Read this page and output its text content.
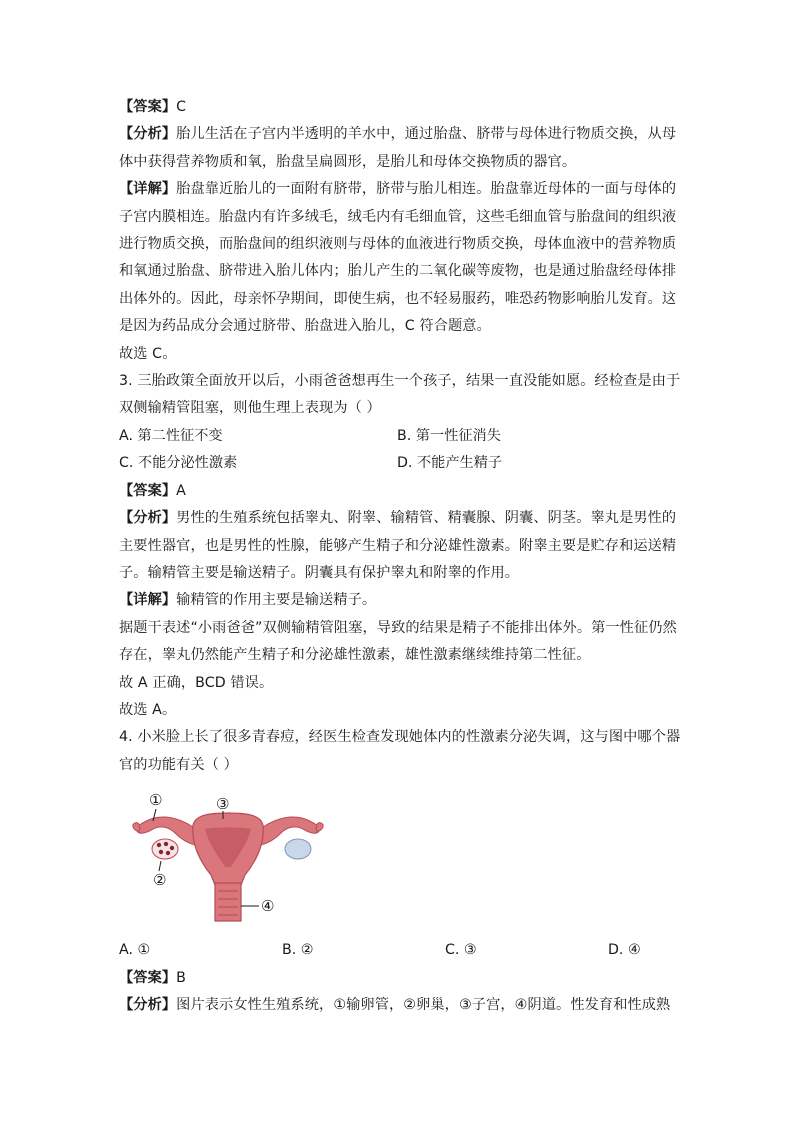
【答案】C
【分析】胎儿生活在子宫内半透明的羊水中，通过胎盘、脐带与母体进行物质交换，从母
体中获得营养物质和氧，胎盘呈扁圆形，是胎儿和母体交换物质的器官。
【详解】胎盘靠近胎儿的一面附有脐带，脐带与胎儿相连。胎盘靠近母体的一面与母体的
子宫内膜相连。胎盘内有许多绒毛，绒毛内有毛细血管，这些毛细血管与胎盘间的组织液
进行物质交换，而胎盘间的组织液则与母体的血液进行物质交换，母体血液中的营养物质
和氧通过胎盘、脐带进入胎儿体内；胎儿产生的二氧化碳等废物，也是通过胎盘经母体排
出体外的。因此，母亲怀孕期间，即使生病，也不轻易服药，唯恐药物影响胎儿发育。这
是因为药品成分会通过脐带、胎盘进入胎儿，C 符合题意。
故选 C。
3. 三胎政策全面放开以后，小雨爸爸想再生一个孩子，结果一直没能如愿。经检查是由于
双侧输精管阻塞，则他生理上表现为（ ）
A. 第二性征不变	B. 第一性征消失
C. 不能分泌性激素	D. 不能产生精子
【答案】A
【分析】男性的生殖系统包括睾丸、附睾、输精管、精囊腺、阴囊、阴茎。睾丸是男性的
主要性器官，也是男性的性腺，能够产生精子和分泌雄性激素。附睾主要是贮存和运送精
子。输精管主要是输送精子。阴囊具有保护睾丸和附睾的作用。
【详解】输精管的作用主要是输送精子。
据题干表述“小雨爸爸”双侧输精管阻塞，导致的结果是精子不能排出体外。第一性征仍然
存在，睾丸仍然能产生精子和分泌雄性激素，雄性激素继续维持第二性征。
故 A 正确，BCD 错误。
故选 A。
4. 小米脸上长了很多青春痘，经医生检查发现她体内的性激素分泌失调，这与图中哪个器
官的功能有关（ ）
①
②
③
④
A. ①	B. ②	C. ③	D. ④
【答案】B
【分析】图片表示女性生殖系统，①输卵管，②卵巢，③子宫，④阴道。性发育和性成熟
